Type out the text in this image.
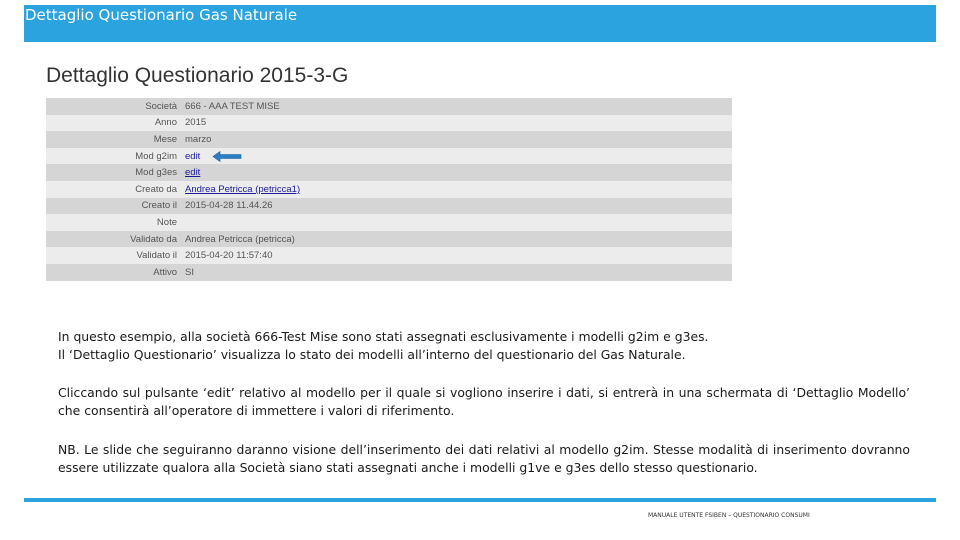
Dettaglio Questionario Gas Naturale
Dettaglio Questionario 2015-3-G
Società	666 - AAA TEST MISE
Anno	2015
Mese	marzo
Mod g2im	edit
Mod g3es	edit
Creato da	Andrea Petricca (petricca1)
Creato il	2015-04-28 11.44.26
Note	
Validato da	Andrea Petricca (petricca)
Validato il	2015-04-20 11:57:40
Attivo	SI
In questo esempio, alla società 666-Test Mise sono stati assegnati esclusivamente i modelli g2im e g3es.
Il ‘Dettaglio Questionario’ visualizza lo stato dei modelli all’interno del questionario del Gas Naturale.
Cliccando sul pulsante ‘edit’ relativo al modello per il quale si vogliono inserire i dati, si entrerà in una schermata di ‘Dettaglio Modello’ che consentirà all’operatore di immettere i valori di riferimento.
NB. Le slide che seguiranno daranno visione dell’inserimento dei dati relativi al modello g2im. Stesse modalità di inserimento dovranno essere utilizzate qualora alla Società siano stati assegnati anche i modelli g1ve e g3es dello stesso questionario.
MANUALE UTENTE FSIBEN – QUESTIONARIO CONSUMI
